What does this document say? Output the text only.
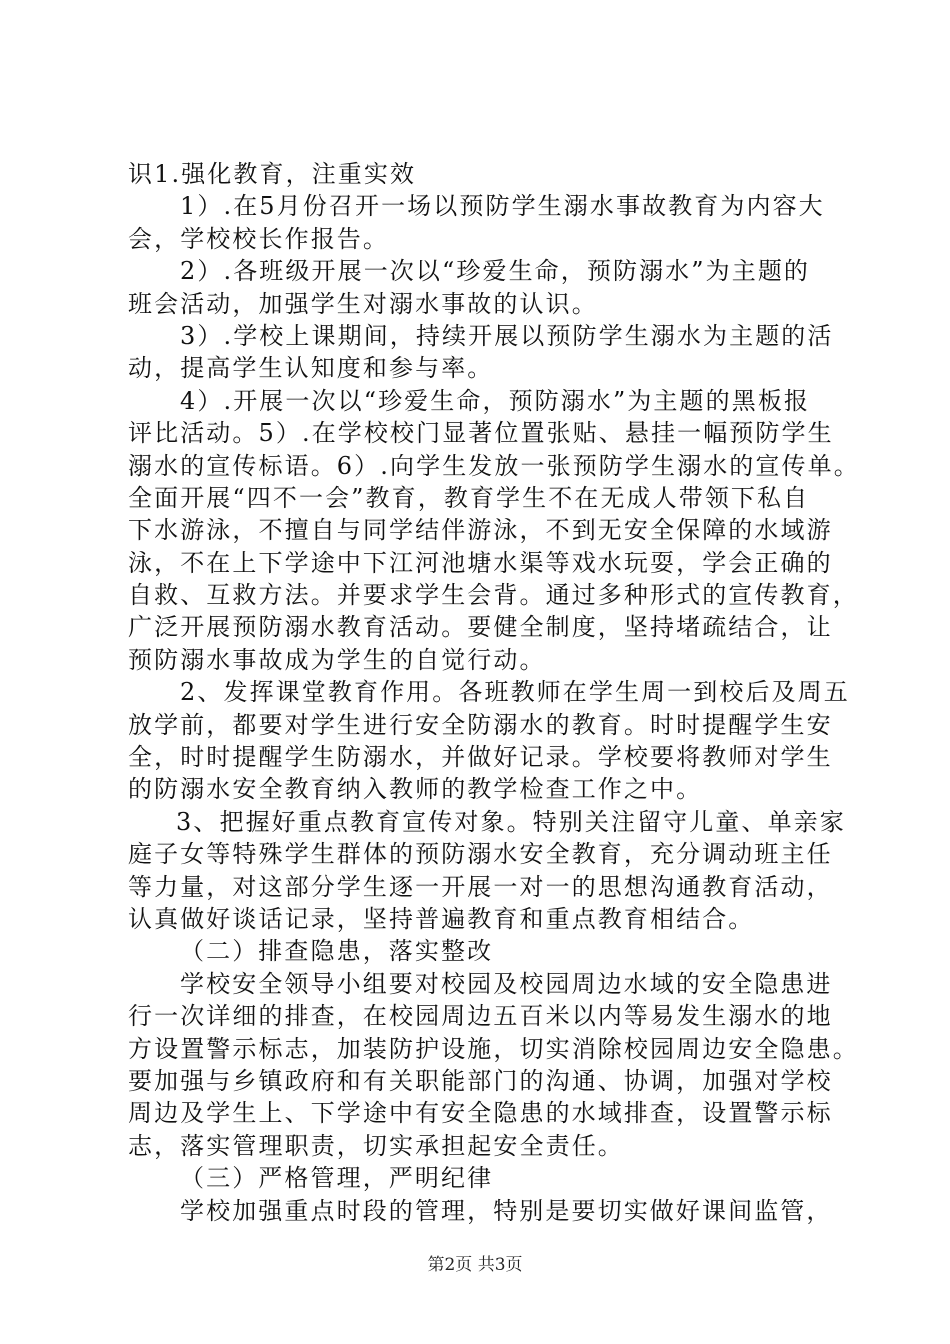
识1.强化教育，注重实效
1）.在5月份召开一场以预防学生溺水事故教育为内容大
会，学校校长作报告。
2）.各班级开展一次以“珍爱生命，预防溺水”为主题的
班会活动，加强学生对溺水事故的认识。
3）.学校上课期间，持续开展以预防学生溺水为主题的活
动，提高学生认知度和参与率。
4）.开展一次以“珍爱生命，预防溺水”为主题的黑板报
评比活动。5）.在学校校门显著位置张贴、悬挂一幅预防学生
溺水的宣传标语。6）.向学生发放一张预防学生溺水的宣传单。
全面开展“四不一会”教育，教育学生不在无成人带领下私自
下水游泳，不擅自与同学结伴游泳，不到无安全保障的水域游
泳，不在上下学途中下江河池塘水渠等戏水玩耍，学会正确的
自救、互救方法。并要求学生会背。通过多种形式的宣传教育，
广泛开展预防溺水教育活动。要健全制度，坚持堵疏结合，让
预防溺水事故成为学生的自觉行动。
2、发挥课堂教育作用。各班教师在学生周一到校后及周五
放学前，都要对学生进行安全防溺水的教育。时时提醒学生安
全，时时提醒学生防溺水，并做好记录。学校要将教师对学生
的防溺水安全教育纳入教师的教学检查工作之中。
3、把握好重点教育宣传对象。特别关注留守儿童、单亲家
庭子女等特殊学生群体的预防溺水安全教育，充分调动班主任
等力量，对这部分学生逐一开展一对一的思想沟通教育活动，
认真做好谈话记录，坚持普遍教育和重点教育相结合。
（二）排查隐患，落实整改
学校安全领导小组要对校园及校园周边水域的安全隐患进
行一次详细的排查，在校园周边五百米以内等易发生溺水的地
方设置警示标志，加装防护设施，切实消除校园周边安全隐患。
要加强与乡镇政府和有关职能部门的沟通、协调，加强对学校
周边及学生上、下学途中有安全隐患的水域排查，设置警示标
志，落实管理职责，切实承担起安全责任。
（三）严格管理，严明纪律
学校加强重点时段的管理，特别是要切实做好课间监管，
第2页 共3页
